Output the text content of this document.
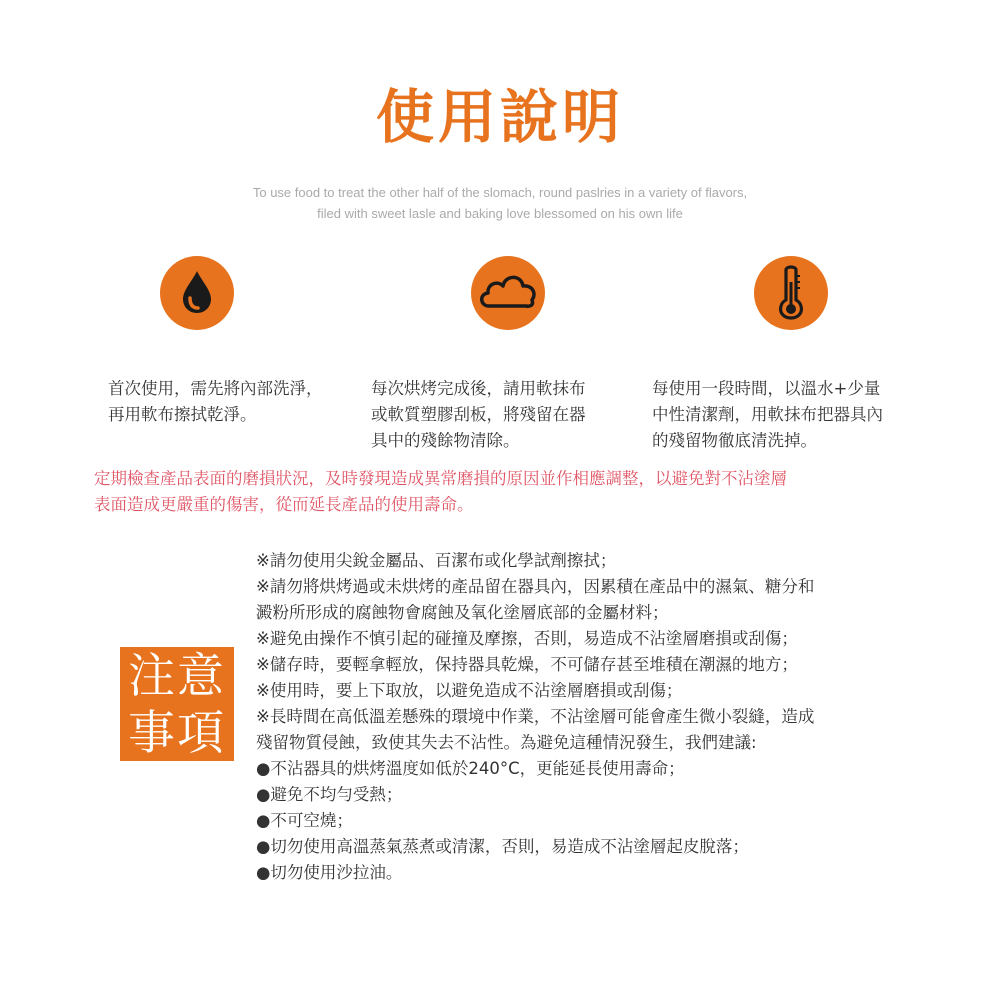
使用說明
To use food to treat the other half of the slomach, round paslries in a variety of flavors,
filed with sweet lasle and baking love blessomed on his own life
首次使用，需先將內部洗淨，
再用軟布擦拭乾淨。
每次烘烤完成後，請用軟抹布
或軟質塑膠刮板，將殘留在器
具中的殘餘物清除。
每使用一段時間，以溫水+少量
中性清潔劑，用軟抹布把器具內
的殘留物徹底清洗掉。
定期檢查產品表面的磨損狀況，及時發現造成異常磨損的原因並作相應調整，以避免對不沾塗層
表面造成更嚴重的傷害，從而延長產品的使用壽命。
注意
事項
※請勿使用尖銳金屬品、百潔布或化學試劑擦拭；
※請勿將烘烤過或未烘烤的產品留在器具內，因累積在產品中的濕氣、糖分和
澱粉所形成的腐蝕物會腐蝕及氧化塗層底部的金屬材料；
※避免由操作不慎引起的碰撞及摩擦，否則，易造成不沾塗層磨損或刮傷；
※儲存時，要輕拿輕放，保持器具乾燥，不可儲存甚至堆積在潮濕的地方；
※使用時，要上下取放，以避免造成不沾塗層磨損或刮傷；
※長時間在高低溫差懸殊的環境中作業，不沾塗層可能會產生微小裂縫，造成
殘留物質侵蝕，致使其失去不沾性。為避免這種情況發生，我們建議:
●不沾器具的烘烤溫度如低於240°C，更能延長使用壽命；
●避免不均勻受熱；
●不可空燒；
●切勿使用高溫蒸氣蒸煮或清潔，否則，易造成不沾塗層起皮脫落；
●切勿使用沙拉油。
